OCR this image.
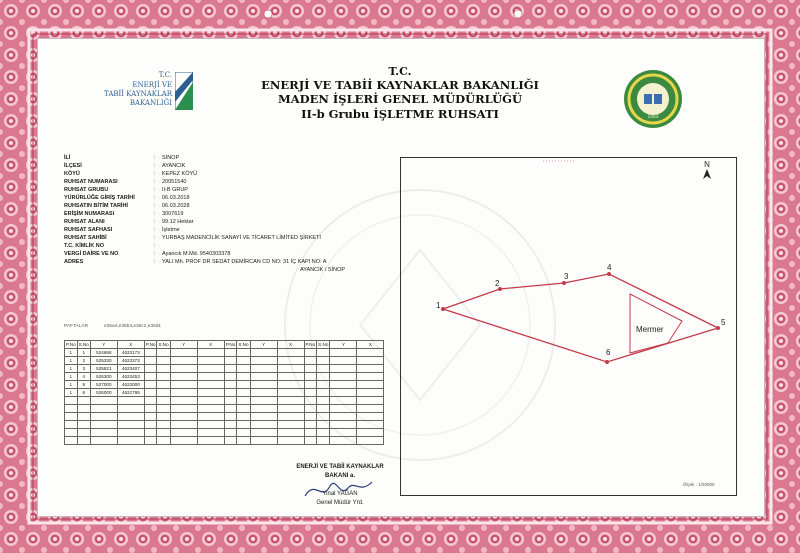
T.C.
ENERJİ VE
TABİİ KAYNAKLAR
BAKANLIĞI
1953
T.C.
ENERJİ VE TABİİ KAYNAKLAR BAKANLIĞI
MADEN İŞLERİ GENEL MÜDÜRLÜĞÜ
II-b Grubu İŞLETME RUHSATI
İLİ	: SİNOP
İLÇESİ	: AYANCIK
KÖYÜ	: KEPEZ KÖYÜ
RUHSAT NUMARASI	: 20051540
RUHSAT GRUBU	: II-B GRUP
YÜRÜRLÜĞE GİRİŞ TARİHİ	: 06.03.2018
RUHSATIN BİTİM TARİHİ	: 06.03.2028
ERİŞİM NUMARASI	: 3007619
RUHSAT ALANI	: 99.12 Hektar
RUHSAT SAFHASI	: İşletme
RUHSAT SAHİBİ	: YURBAŞ MADENCİLİK SANAYİ VE TİCARET LİMİTED ŞİRKETİ
T.C. KİMLİK NO	:
VERGİ DAİRE VE NO	: Ayancık M.Md. 9540303378
ADRES	: YALI Mh. PROF DR SEDAT DEMİRCAN CD NO: 31 İÇ KAPI NO: A
AYANCIK / SİNOP
PAFTALAR	e35a4,e35b3,e35c2,e35d1
P.No	S.No	Y	X	P.No	S.No	Y	X	P.No	S.No	Y	X	P.No	S.No	Y	X
1	1	524668	4623173												
1	2	525330	4623373												
1	3	525821	4623407												
1	4	526300	4623453												
1	5	527000	4623000												
1	6	526000	4622795												

N
Mermer
1
2
3
4
5
6
Ölçek : 1/20000
ENERJİ VE TABİİ KAYNAKLAR
BAKANI a.
Yinal YAĞAN
Genel Müdür Yrd.
